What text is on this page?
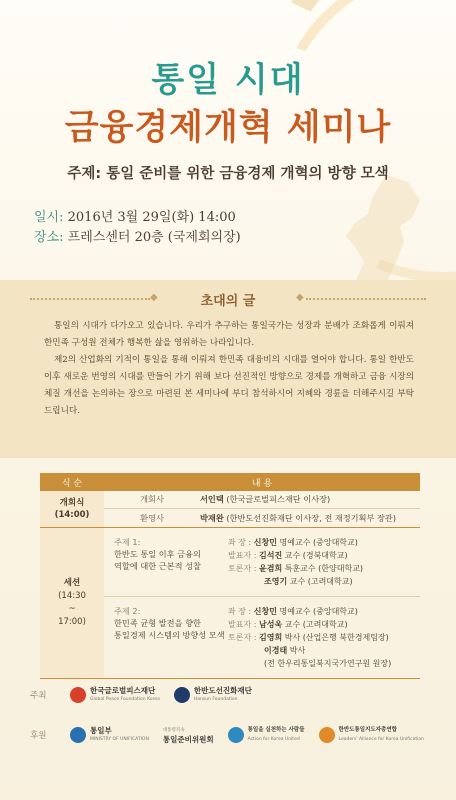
통일 시대
금융경제개혁 세미나
주제: 통일 준비를 위한 금융경제 개혁의 방향 모색
일시: 2016년 3월 29일(화) 14:00
장소: 프레스센터 20층 (국제회의장)
◆	◆
초대의 글

통일의 시대가 다가오고 있습니다. 우리가 추구하는 통일국가는 성장과 분배가 조화롭게 이뤄져 한민족 구성원 전체가 행복한 삶을 영위하는 나라입니다.

제2의 산업화의 기적이 통일을 통해 이뤄져 한민족 대융비의 시대를 열어야 합니다. 통일 한반도 이후 새로운 번영의 시대를 만들어 가기 위해 보다 선진적인 방향으로 경제를 개혁하고 금융 시장의 체질 개선을 논의하는 장으로 마련된 본 세미나에 부디 참석하시어 지혜와 경륜을 더해주시길 부탁드립니다.

식 순	내 용
개회식
(14:00)
개회사	서인택 (한국글로벌피스재단 이사장)
환영사	박재완 (한반도선진화재단 이사장, 전 재정기획부 장관)
세션
(14:30
~
17:00)
주제 1:
한반도 통일 이후 금융의
역할에 대한 근본적 성찰
좌 장 : 신창민 명예교수 (중앙대학교)
발표자 : 김석진 교수 (경북대학교)
토론자 : 윤겸희 특훈교수 (한양대학교)
조영기 교수 (고려대학교)
주제 2:
한민족 균형 발전을 향한
통일경제 시스템의 방향성 모색
좌 장 : 신창민 명예교수 (중앙대학교)
발표자 : 남성욱 교수 (고려대학교)
토론자 : 김영희 박사 (산업은행 북한경제팀장)
이경태 박사
(전 한우리통일북지국가연구원 원장)
주최
한국글로벌피스재단
Global Peace Foundation Korea
한반도선진화재단
Hansun Foundation
후원
통일부
MINISTRY OF UNIFICATION
대통령직속
통일준비위원회
통일을 실천하는 사람들
Action for Korea United
한반도통일지도자총연합
Leaders' Alliance for Korea Unification
